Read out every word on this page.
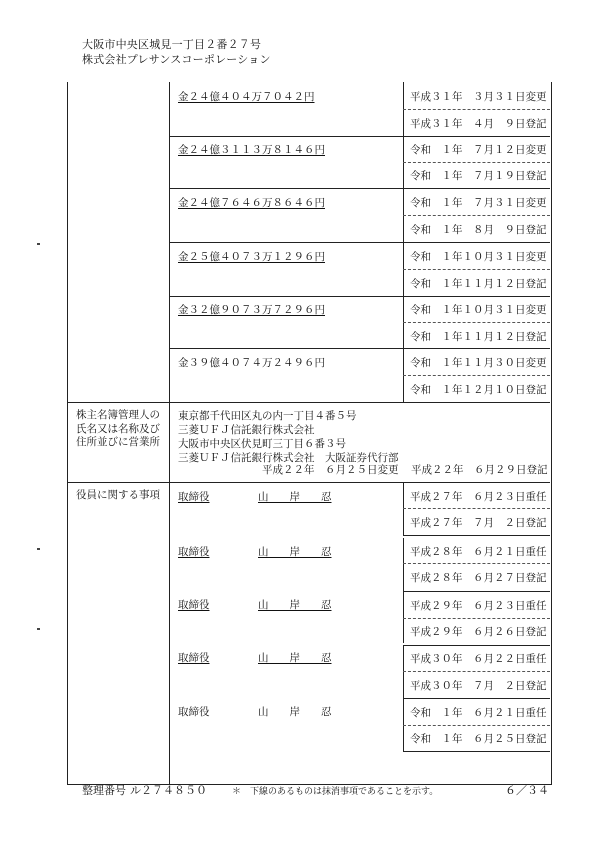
大阪市中央区城見一丁目２番２７号
株式会社プレサンスコーポレーション
金２４億４０４万７０４２円	平成３１年　３月３１日変更
平成３１年　４月　９日登記
金２４億３１１３万８１４６円	令和　１年　７月１２日変更
令和　１年　７月１９日登記
金２４億７６４６万８６４６円	令和　１年　７月３１日変更
令和　１年　８月　９日登記
金２５億４０７３万１２９６円	令和　１年１０月３１日変更
令和　１年１１月１２日登記
金３２億９０７３万７２９６円	令和　１年１０月３１日変更
令和　１年１１月１２日登記
金３９億４０７４万２４９６円	令和　１年１１月３０日変更
令和　１年１２月１０日登記
株主名簿管理人の
氏名又は名称及び
住所並びに営業所
東京都千代田区丸の内一丁目４番５号
三菱ＵＦＪ信託銀行株式会社
大阪市中央区伏見町三丁目６番３号
三菱ＵＦＪ信託銀行株式会社　大阪証券代行部
平成２２年　６月２５日変更 平成２２年　６月２９日登記
役員に関する事項 取締役	山　　岸　　忍	平成２７年　６月２３日重任
平成２７年　７月　２日登記
取締役	山　　岸　　忍	平成２８年　６月２１日重任
平成２８年　６月２７日登記
取締役	山　　岸　　忍	平成２９年　６月２３日重任
平成２９年　６月２６日登記
取締役	山　　岸　　忍	平成３０年　６月２２日重任
平成３０年　７月　２日登記
取締役	山　　岸　　忍	令和　１年　６月２１日重任
令和　１年　６月２５日登記
整理番号 ル２７４８５０	＊　下線のあるものは抹消事項であることを示す。	６／３４
